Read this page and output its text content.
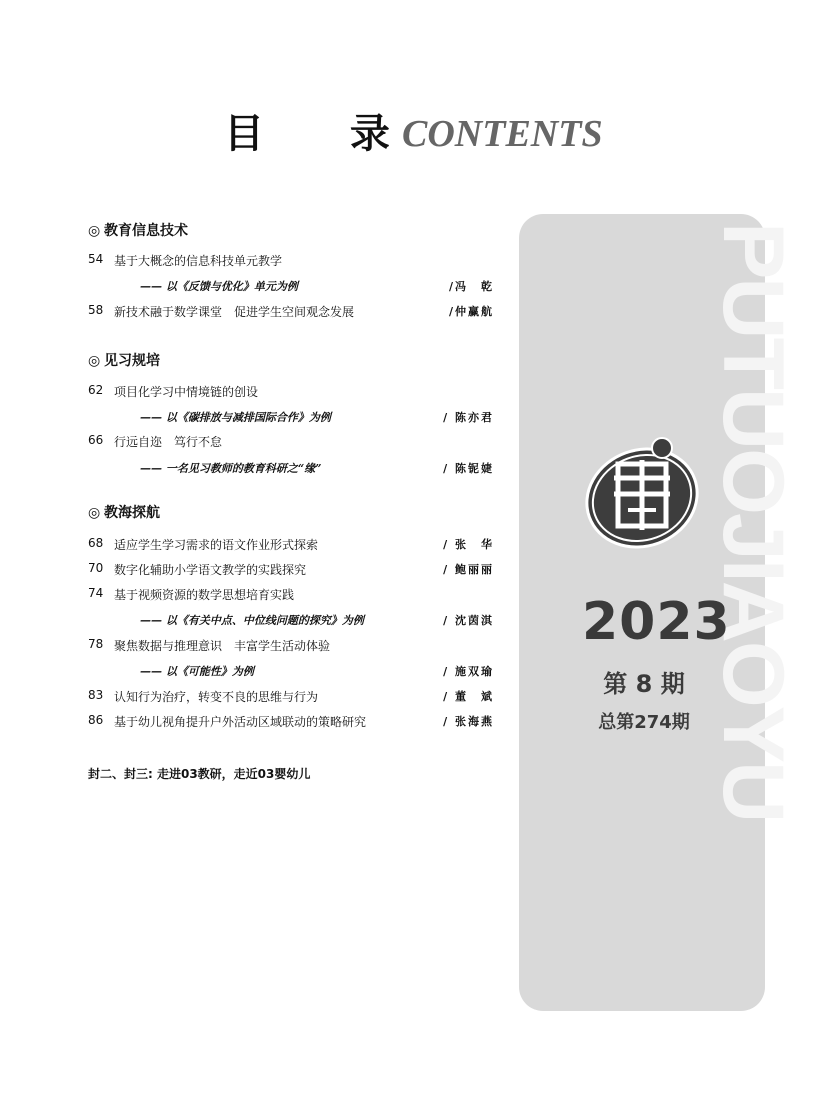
目 录
CONTENTS
◎ 教育信息技术
54 基于大概念的信息科技单元教学
—— 以《反馈与优化》单元为例	/冯　乾
58 新技术融于数学课堂　促进学生空间观念发展	/仲赢航
◎ 见习规培
62 项目化学习中情境链的创设
—— 以《碳排放与减排国际合作》为例	/ 陈亦君
66 行远自迩　笃行不怠
—— 一名见习教师的教育科研之“缘”	/ 陈铌婕
◎ 教海探航
68 适应学生学习需求的语文作业形式探索	/ 张　华
70 数字化辅助小学语文教学的实践探究	/ 鲍丽丽
74 基于视频资源的数学思想培育实践
—— 以《有关中点、中位线问题的探究》为例	/ 沈茵淇
78 聚焦数据与推理意识　丰富学生活动体验
—— 以《可能性》为例	/ 施双瑜
83 认知行为治疗，转变不良的思维与行为	/ 董　斌
86 基于幼儿视角提升户外活动区域联动的策略研究	/ 张海燕
封二、封三: 走进03教研，走近03婴幼儿	PUTUOJIAOYU
2023
第 8 期
总第274期
